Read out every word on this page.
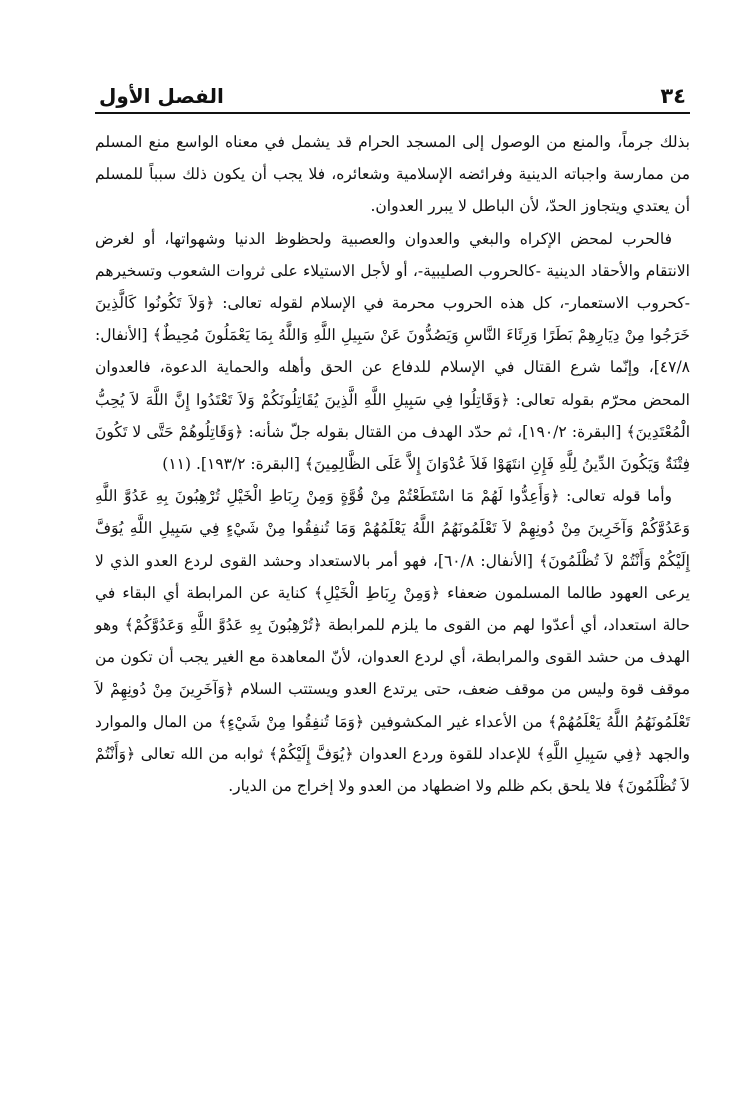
٣٤
الفصل الأول

بذلك جرماً، والمنع من الوصول إلى المسجد الحرام قد يشمل في معناه الواسع منع المسلم من ممارسة واجباته الدينية وفرائضه الإسلامية وشعائره، فلا يجب أن يكون ذلك سبباً للمسلم أن يعتدي ويتجاوز الحدّ، لأن الباطل لا يبرر العدوان.

فالحرب لمحض الإكراه والبغي والعدوان والعصبية ولحظوظ الدنيا وشهواتها، أو لغرض الانتقام والأحقاد الدينية -كالحروب الصليبية-، أو لأجل الاستيلاء على ثروات الشعوب وتسخيرهم -كحروب الاستعمار-، كل هذه الحروب محرمة في الإسلام لقوله تعالى: ﴿وَلاَ تَكُونُوا كَالَّذِينَ خَرَجُوا مِنْ دِيَارِهِمْ بَطَرًا وَرِئَاءَ النَّاسِ وَيَصُدُّونَ عَنْ سَبِيلِ اللَّهِ وَاللَّهُ بِمَا يَعْمَلُونَ مُحِيطٌ﴾ [الأنفال: ٤٧/٨]، وإنّما شرع القتال في الإسلام للدفاع عن الحق وأهله والحماية الدعوة، فالعدوان المحض محرّم بقوله تعالى: ﴿وَقَاتِلُوا فِي سَبِيلِ اللَّهِ الَّذِينَ يُقَاتِلُونَكُمْ وَلاَ تَعْتَدُوا إِنَّ اللَّهَ لاَ يُحِبُّ الْمُعْتَدِينَ﴾ [البقرة: ١٩٠/٢]، ثم حدّد الهدف من القتال بقوله جلّ شأنه: ﴿وَقَاتِلُوهُمْ حَتَّى لا تَكُونَ فِتْنَةٌ وَيَكُونَ الدِّينُ لِلَّهِ فَإِنِ انتَهَوْا فَلاَ عُدْوَانَ إِلاَّ عَلَى الظَّالِمِينَ﴾ [البقرة: ١٩٣/٢]. (١١)

وأما قوله تعالى: ﴿وَأَعِدُّوا لَهُمْ مَا اسْتَطَعْتُمْ مِنْ قُوَّةٍ وَمِنْ رِبَاطِ الْخَيْلِ تُرْهِبُونَ بِهِ عَدُوَّ اللَّهِ وَعَدُوَّكُمْ وَآخَرِينَ مِنْ دُونِهِمْ لاَ تَعْلَمُونَهُمُ اللَّهُ يَعْلَمُهُمْ وَمَا تُنفِقُوا مِنْ شَيْءٍ فِي سَبِيلِ اللَّهِ يُوَفَّ إِلَيْكُمْ وَأَنْتُمْ لاَ تُظْلَمُونَ﴾ [الأنفال: ٦٠/٨]، فهو أمر بالاستعداد وحشد القوى لردع العدو الذي لا يرعى العهود طالما المسلمون ضعفاء ﴿وَمِنْ رِبَاطِ الْخَيْلِ﴾ كناية عن المرابطة أي البقاء في حالة استعداد، أي أعدّوا لهم من القوى ما يلزم للمرابطة ﴿تُرْهِبُونَ بِهِ عَدُوَّ اللَّهِ وَعَدُوَّكُمْ﴾ وهو الهدف من حشد القوى والمرابطة، أي لردع العدوان، لأنّ المعاهدة مع الغير يجب أن تكون من موقف قوة وليس من موقف ضعف، حتى يرتدع العدو ويستتب السلام ﴿وَآخَرِينَ مِنْ دُونِهِمْ لاَ تَعْلَمُونَهُمُ اللَّهُ يَعْلَمُهُمْ﴾ من الأعداء غير المكشوفين ﴿وَمَا تُنفِقُوا مِنْ شَيْءٍ﴾ من المال والموارد والجهد ﴿فِي سَبِيلِ اللَّهِ﴾ للإعداد للقوة وردع العدوان ﴿يُوَفَّ إِلَيْكُمْ﴾ ثوابه من الله تعالى ﴿وَأَنْتُمْ لاَ تُظْلَمُونَ﴾ فلا يلحق بكم ظلم ولا اضطهاد من العدو ولا إخراج من الديار.
